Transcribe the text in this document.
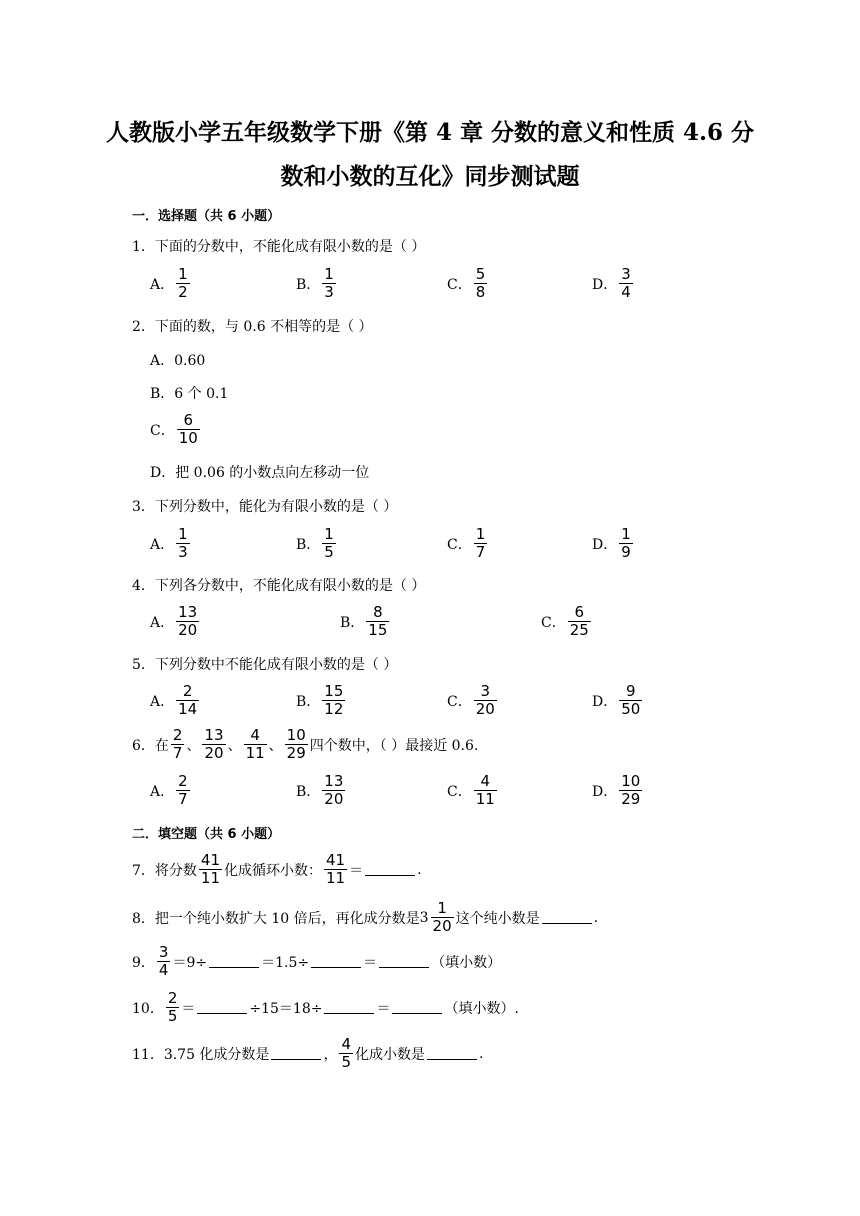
人教版小学五年级数学下册《第 4 章 分数的意义和性质 4.6 分
数和小数的互化》同步测试题
一．选择题（共 6 小题）
1．下面的分数中，不能化成有限小数的是（ ）
A． $\frac{1}{2}$	B． $\frac{1}{3}$	C． $\frac{5}{8}$	D． $\frac{3}{4}$
2．下面的数，与 0.6 不相等的是（ ）
A．0.60
B．6 个 0.1
C． $\frac{6}{10}$
D．把 0.06 的小数点向左移动一位
3．下列分数中，能化为有限小数的是（ ）
A． $\frac{1}{3}$	B． $\frac{1}{5}$	C． $\frac{1}{7}$	D． $\frac{1}{9}$
4．下列各分数中，不能化成有限小数的是（ ）
A． $\frac{13}{20}$	B． $\frac{8}{15}$	C． $\frac{6}{25}$
5．下列分数中不能化成有限小数的是（ ）
A． $\frac{2}{14}$	B． $\frac{15}{12}$	C． $\frac{3}{20}$	D． $\frac{9}{50}$
6．在 $\frac{2}{7}$ 、 $\frac{13}{20}$ 、 $\frac{4}{11}$ 、 $\frac{10}{29}$ 四个数中，（ ）最接近 0.6.
A． $\frac{2}{7}$	B． $\frac{13}{20}$	C． $\frac{4}{11}$	D． $\frac{10}{29}$
二．填空题（共 6 小题）
7．将分数 $\frac{41}{11}$ 化成循环小数： $\frac{41}{11}$ ＝	.
8．把一个纯小数扩大 10 倍后，再化成分数是 $3 \frac{1}{20}$ 这个纯小数是	.
9． $\frac{3}{4} =9\div$	＝1.5÷	＝	（填小数）
10． $\frac{2}{5}$ ＝	÷15＝18÷	＝	（填小数）.
11．3.75 化成分数是	， $\frac{4}{5}$ 化成小数是	.
